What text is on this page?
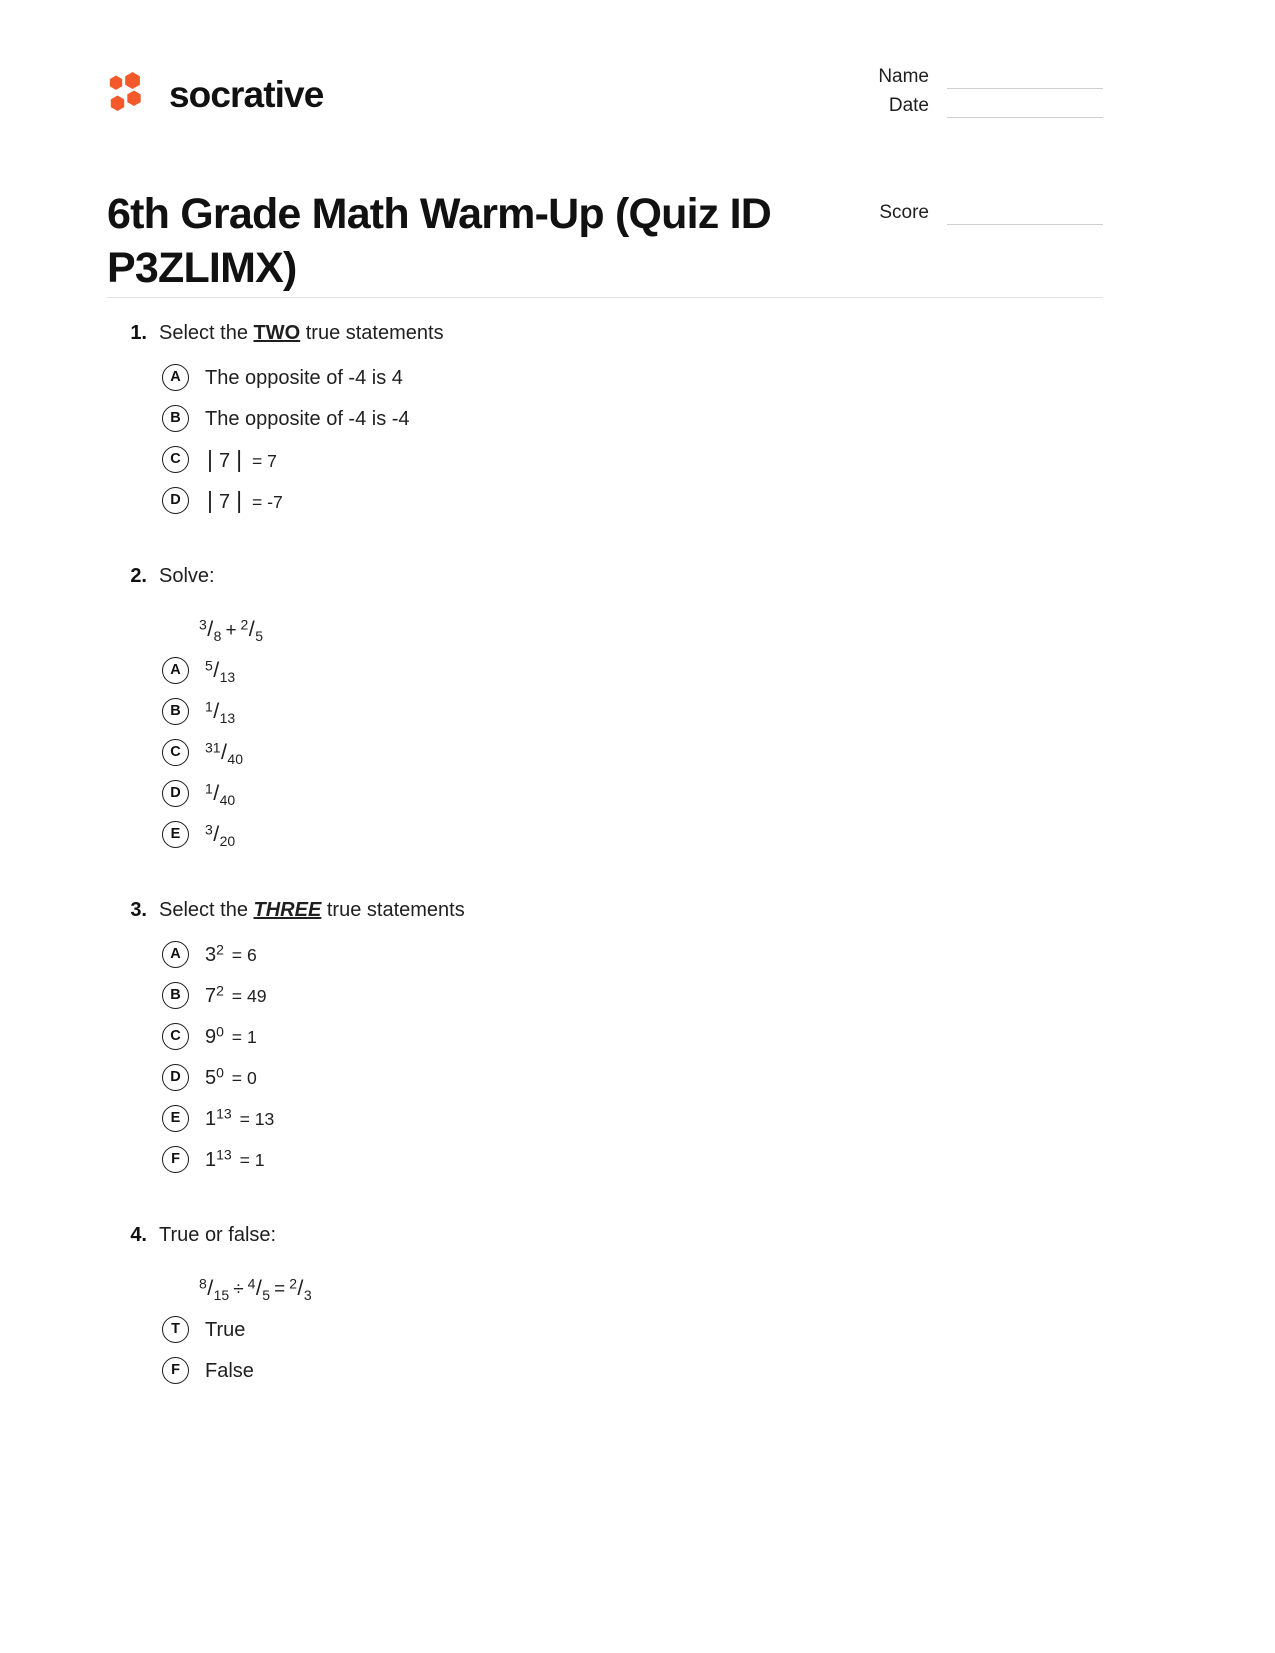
socrative	Name
Date
6th Grade Math Warm-Up (Quiz ID P3ZLIMX)
Score
1. Select the TWO true statements
A	The opposite of -4 is 4
B	The opposite of -4 is -4
C	| 7 | = 7
D	| 7 | = -7
2. Solve:
$^3/_8 + ^2/_5$
A	$^5/_{13}$
B	$^1/_{13}$
C	$^{31}/_{40}$
D	$^1/_{40}$
E	$^3/_{20}$
3. Select the THREE true statements
A	$3^2 = 6$
B	$7^2 = 49$
C	$9^0 = 1$
D	$5^0 = 0$
E	$1^{13} = 13$
F	$1^{13} = 1$
4. True or false:
$^8/_{15} \div ^4/_5 = ^2/_3$
T	True
F	False
